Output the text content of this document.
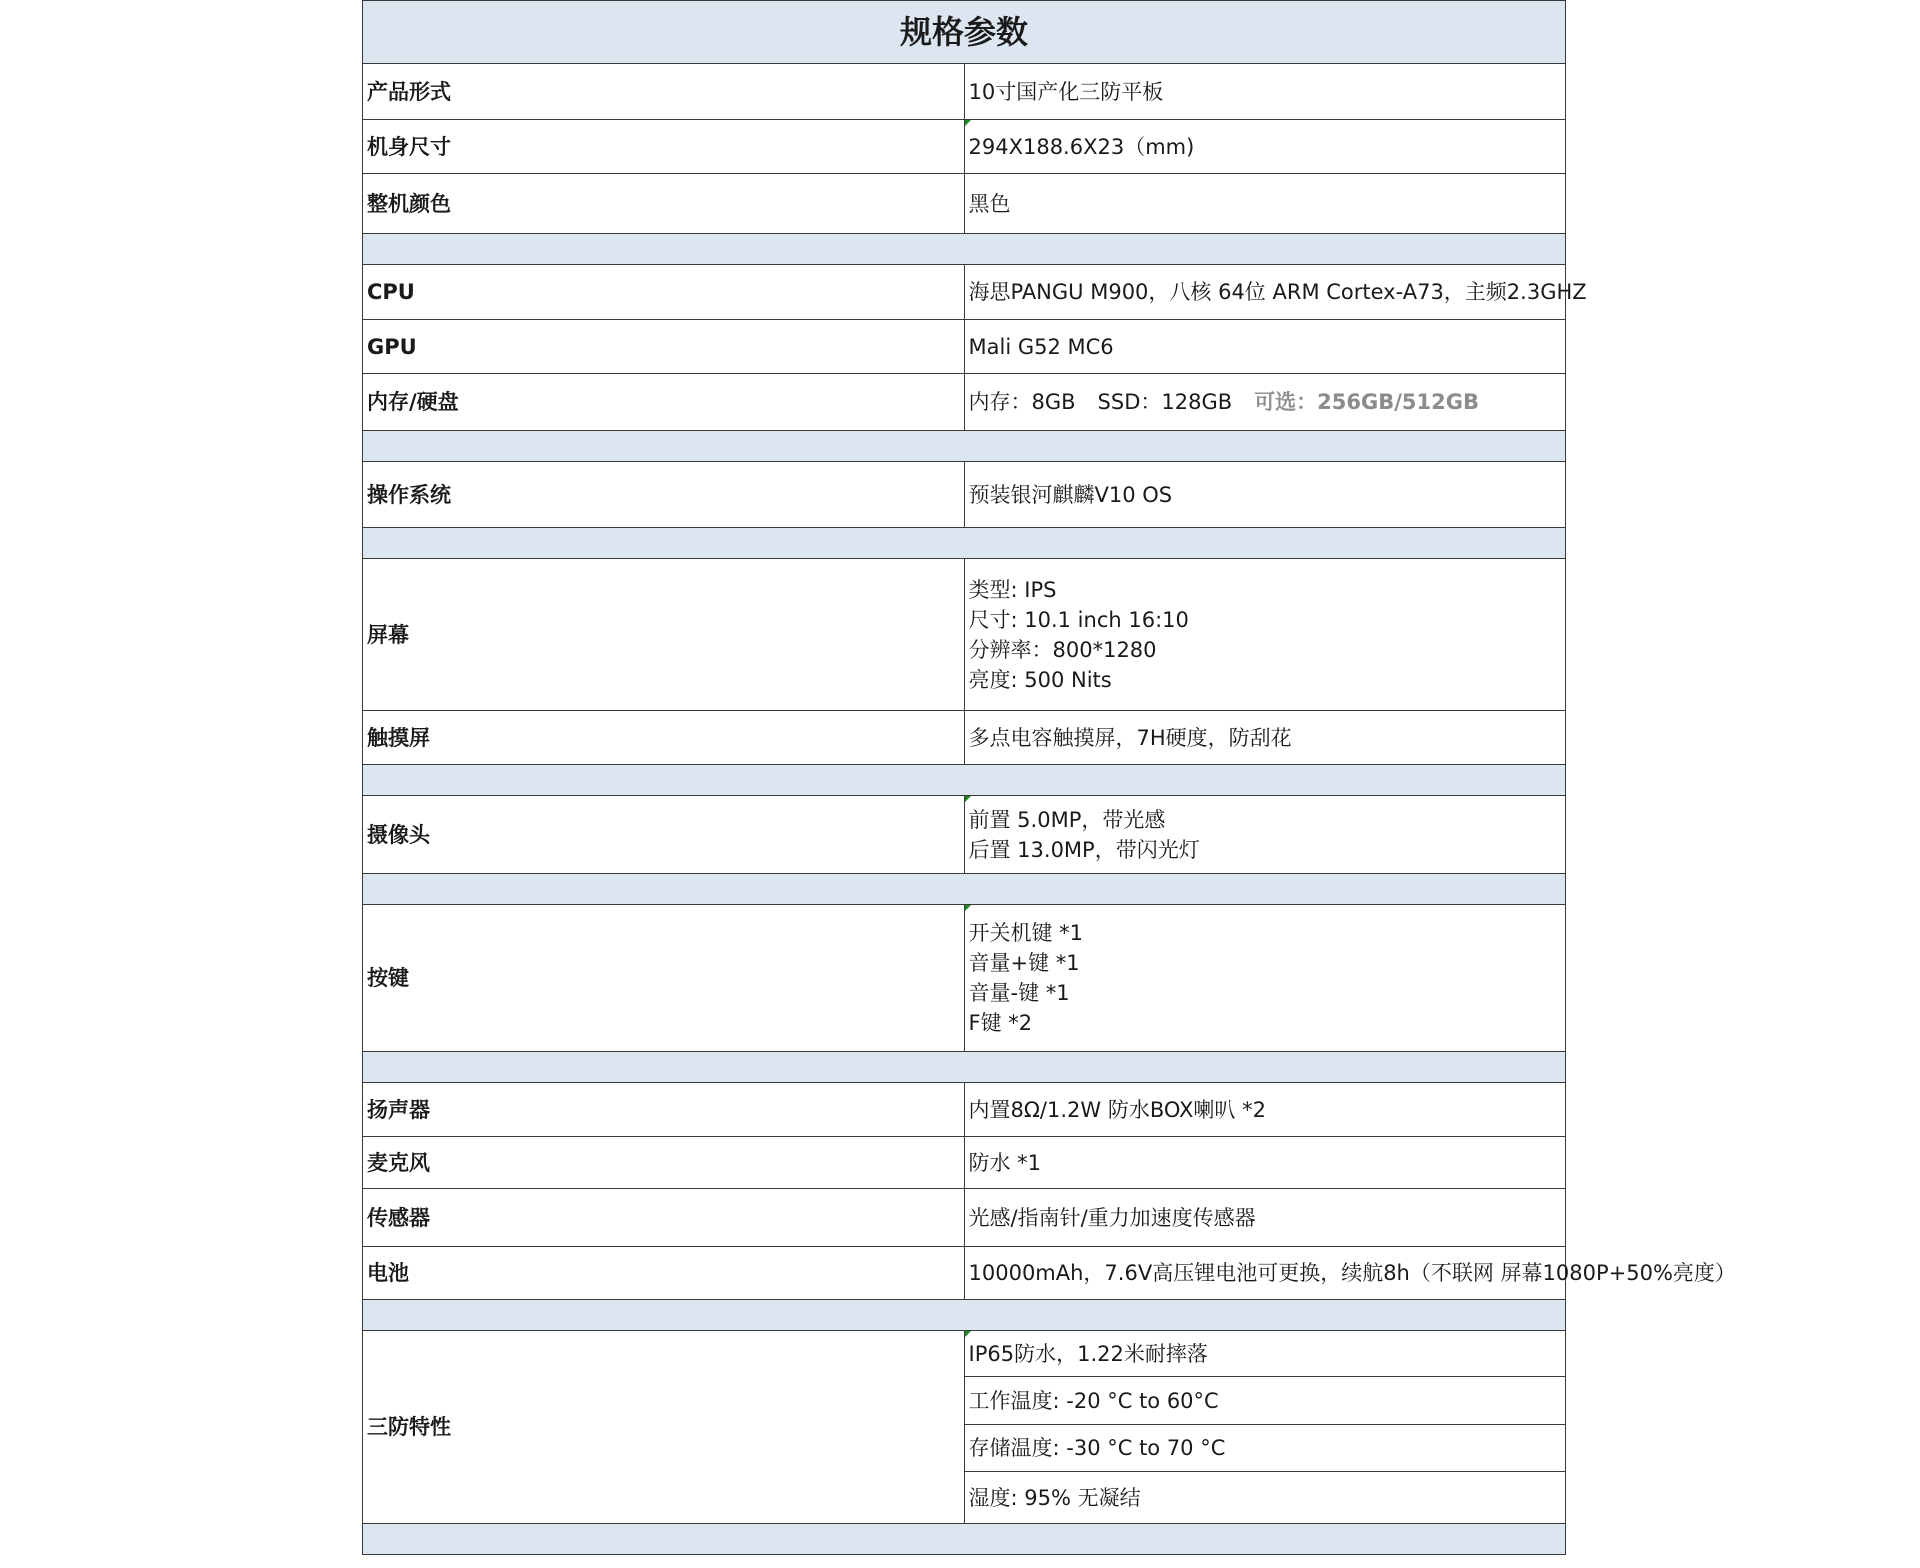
规格参数	
产品形式	10寸国产化三防平板
机身尺寸	294X188.6X23（mm)
整机颜色	黑色

CPU	海思PANGU M900，八核 64位 ARM Cortex-A73，主频2.3GHZ
GPU	Mali G52 MC6
内存/硬盘	内存：8GB SSD：128GB 可选：256GB/512GB

操作系统	预装银河麒麟V10 OS

屏幕	类型: IPS
尺寸: 10.1 inch 16:10
分辨率：800*1280
亮度: 500 Nits

触摸屏	多点电容触摸屏，7H硬度，防刮花

摄像头	前置 5.0MP，带光感
后置 13.0MP，带闪光灯

按键	开关机键 *1
音量+键 *1
音量-键 *1
F键 *2

扬声器	内置8Ω/1.2W 防水BOX喇叭 *2
麦克风	防水 *1
传感器	光感/指南针/重力加速度传感器
电池	10000mAh，7.6V高压锂电池可更换，续航8h（不联网 屏幕1080P+50%亮度）

三防特性	IP65防水，1.22米耐摔落
	工作温度: -20 °C to 60°C
	存储温度: -30 °C to 70 °C
	湿度: 95% 无凝结
